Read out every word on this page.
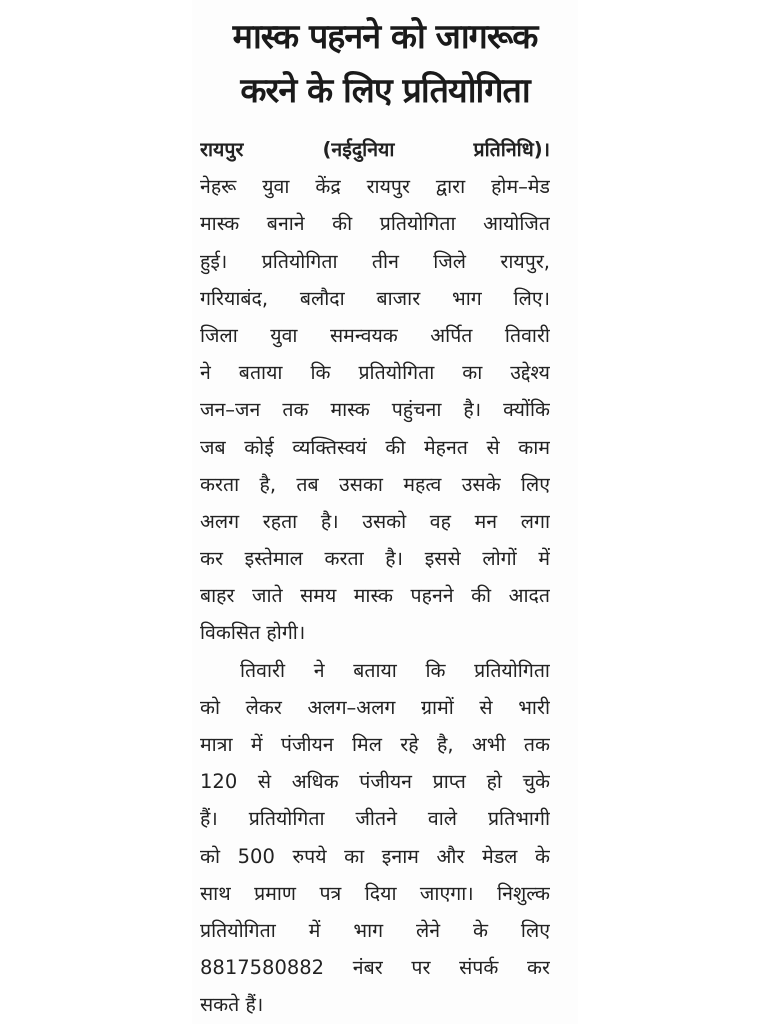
मास्क पहनने को जागरूक
करने के लिए प्रतियोगिता
रायपुर (नईदुनिया प्रतिनिधि)।
नेहरू युवा केंद्र रायपुर द्वारा होम–मेड
मास्क बनाने की प्रतियोगिता आयोजित
हुई। प्रतियोगिता तीन जिले रायपुर,
गरियाबंद, बलौदा बाजार भाग लिए।
जिला युवा समन्वयक अर्पित तिवारी
ने बताया कि प्रतियोगिता का उद्देश्य
जन–जन तक मास्क पहुंचना है। क्योंकि
जब कोई व्यक्तिस्वयं की मेहनत से काम
करता है, तब उसका महत्व उसके लिए
अलग रहता है। उसको वह मन लगा
कर इस्तेमाल करता है। इससे लोगों में
बाहर जाते समय मास्क पहनने की आदत
विकसित होगी।
तिवारी ने बताया कि प्रतियोगिता
को लेकर अलग–अलग ग्रामों से भारी
मात्रा में पंजीयन मिल रहे है, अभी तक
120 से अधिक पंजीयन प्राप्त हो चुके
हैं। प्रतियोगिता जीतने वाले प्रतिभागी
को 500 रुपये का इनाम और मेडल के
साथ प्रमाण पत्र दिया जाएगा। निशुल्क
प्रतियोगिता में भाग लेने के लिए
8817580882 नंबर पर संपर्क कर
सकते हैं।
